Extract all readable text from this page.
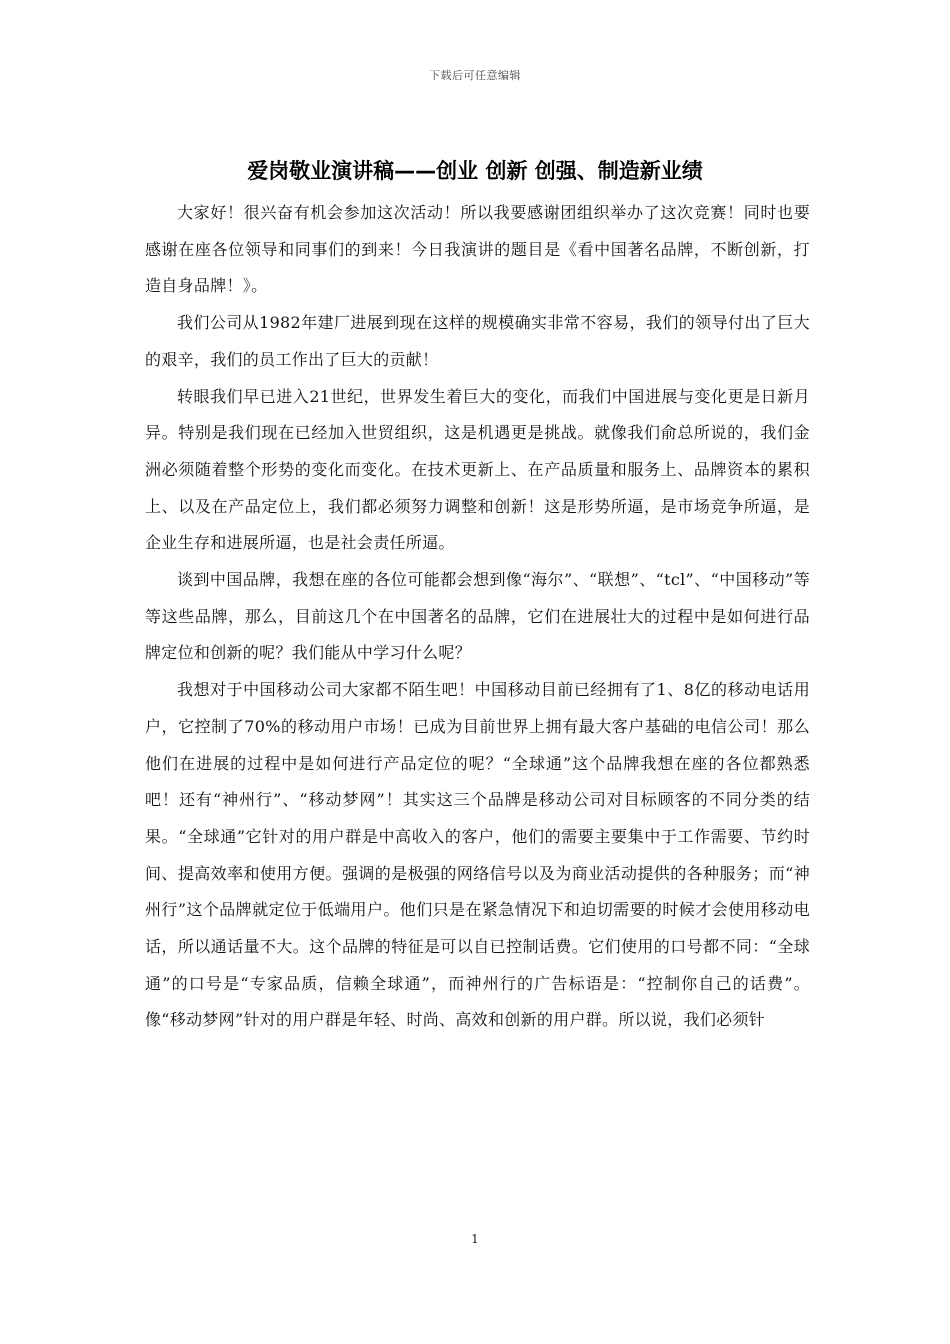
下载后可任意编辑
爱岗敬业演讲稿——创业 创新 创强、制造新业绩

大家好！很兴奋有机会参加这次活动！所以我要感谢团组织举办了这次竞赛！同时也要感谢在座各位领导和同事们的到来！今日我演讲的题目是《看中国著名品牌，不断创新，打造自身品牌！》。

我们公司从1982年建厂进展到现在这样的规模确实非常不容易，我们的领导付出了巨大的艰辛，我们的员工作出了巨大的贡献！

转眼我们早已进入21世纪，世界发生着巨大的变化，而我们中国进展与变化更是日新月异。特别是我们现在已经加入世贸组织，这是机遇更是挑战。就像我们俞总所说的，我们金洲必须随着整个形势的变化而变化。在技术更新上、在产品质量和服务上、品牌资本的累积上、以及在产品定位上，我们都必须努力调整和创新！这是形势所逼，是市场竞争所逼，是企业生存和进展所逼，也是社会责任所逼。

谈到中国品牌，我想在座的各位可能都会想到像“海尔”、“联想”、“tcl”、“中国移动”等等这些品牌，那么，目前这几个在中国著名的品牌，它们在进展壮大的过程中是如何进行品牌定位和创新的呢？我们能从中学习什么呢？

我想对于中国移动公司大家都不陌生吧！中国移动目前已经拥有了1、8亿的移动电话用户，它控制了70%的移动用户市场！已成为目前世界上拥有最大客户基础的电信公司！那么他们在进展的过程中是如何进行产品定位的呢？“全球通”这个品牌我想在座的各位都熟悉吧！还有“神州行”、“移动梦网”！其实这三个品牌是移动公司对目标顾客的不同分类的结果。“全球通”它针对的用户群是中高收入的客户，他们的需要主要集中于工作需要、节约时间、提高效率和使用方便。强调的是极强的网络信号以及为商业活动提供的各种服务；而“神州行”这个品牌就定位于低端用户。他们只是在紧急情况下和迫切需要的时候才会使用移动电话，所以通话量不大。这个品牌的特征是可以自已控制话费。它们使用的口号都不同：“全球通”的口号是“专家品质，信赖全球通”，而神州行的广告标语是：“控制你自己的话费”。像“移动梦网”针对的用户群是年轻、时尚、高效和创新的用户群。所以说，我们必须针

1
